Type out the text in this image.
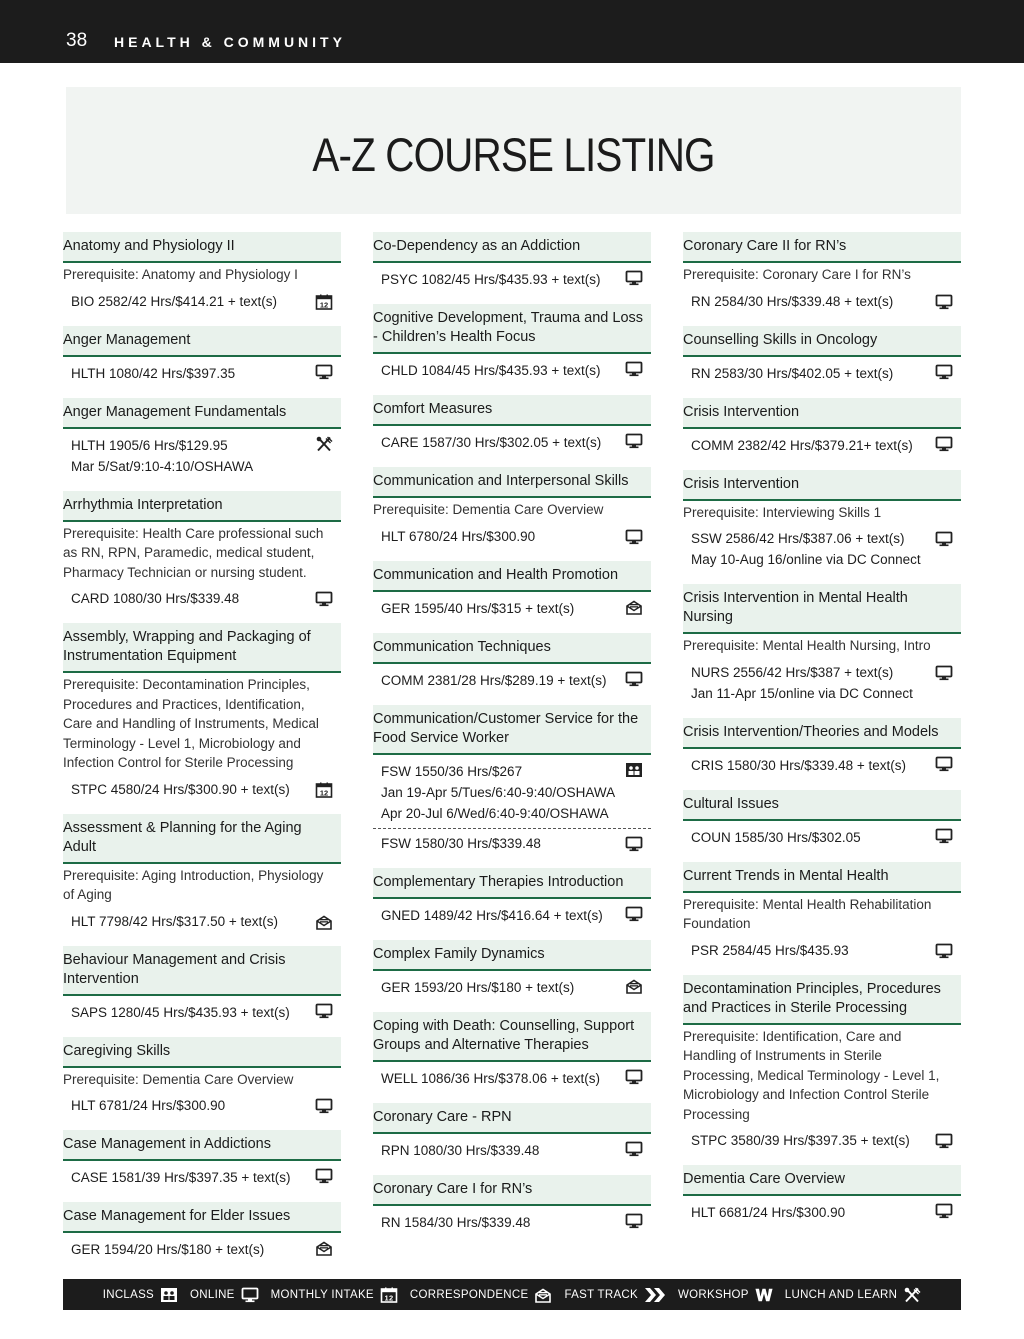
38 HEALTH & COMMUNITY
A-Z COURSE LISTING
Anatomy and Physiology II
Prerequisite: Anatomy and Physiology I
BIO 2582/42 Hrs/$414.21 + text(s)	12
Anger Management
HLTH 1080/42 Hrs/$397.35
Anger Management Fundamentals
HLTH 1905/6 Hrs/$129.95
Mar 5/Sat/9:10-4:10/OSHAWA
Arrhythmia Interpretation
Prerequisite: Health Care professional such as RN, RPN, Paramedic, medical student, Pharmacy Technician or nursing student.
CARD 1080/30 Hrs/$339.48
Assembly, Wrapping and Packaging of Instrumentation Equipment
Prerequisite: Decontamination Principles, Procedures and Practices, Identification, Care and Handling of Instruments, Medical Terminology - Level 1, Microbiology and Infection Control for Sterile Processing
STPC 4580/24 Hrs/$300.90 + text(s)	12
Assessment & Planning for the Aging Adult
Prerequisite: Aging Introduction, Physiology of Aging
HLT 7798/42 Hrs/$317.50 + text(s)
Behaviour Management and Crisis Intervention
SAPS 1280/45 Hrs/$435.93 + text(s)
Caregiving Skills
Prerequisite: Dementia Care Overview
HLT 6781/24 Hrs/$300.90
Case Management in Addictions
CASE 1581/39 Hrs/$397.35 + text(s)
Case Management for Elder Issues
GER 1594/20 Hrs/$180 + text(s)
Co-Dependency as an Addiction
PSYC 1082/45 Hrs/$435.93 + text(s)
Cognitive Development, Trauma and Loss - Children’s Health Focus
CHLD 1084/45 Hrs/$435.93 + text(s)
Comfort Measures
CARE 1587/30 Hrs/$302.05 + text(s)
Communication and Interpersonal Skills
Prerequisite: Dementia Care Overview
HLT 6780/24 Hrs/$300.90
Communication and Health Promotion
GER 1595/40 Hrs/$315 + text(s)
Communication Techniques
COMM 2381/28 Hrs/$289.19 + text(s)
Communication/Customer Service for the Food Service Worker
FSW 1550/36 Hrs/$267
Jan 19-Apr 5/Tues/6:40-9:40/OSHAWA
Apr 20-Jul 6/Wed/6:40-9:40/OSHAWA
FSW 1580/30 Hrs/$339.48
Complementary Therapies Introduction
GNED 1489/42 Hrs/$416.64 + text(s)
Complex Family Dynamics
GER 1593/20 Hrs/$180 + text(s)
Coping with Death: Counselling, Support Groups and Alternative Therapies
WELL 1086/36 Hrs/$378.06 + text(s)
Coronary Care - RPN
RPN 1080/30 Hrs/$339.48
Coronary Care I for RN’s
RN 1584/30 Hrs/$339.48
Coronary Care II for RN’s
Prerequisite: Coronary Care I for RN’s
RN 2584/30 Hrs/$339.48 + text(s)
Counselling Skills in Oncology
RN 2583/30 Hrs/$402.05 + text(s)
Crisis Intervention
COMM 2382/42 Hrs/$379.21+ text(s)
Crisis Intervention
Prerequisite: Interviewing Skills 1
SSW 2586/42 Hrs/$387.06 + text(s)
May 10-Aug 16/online via DC Connect
Crisis Intervention in Mental Health Nursing
Prerequisite: Mental Health Nursing, Intro
NURS 2556/42 Hrs/$387 + text(s)
Jan 11-Apr 15/online via DC Connect
Crisis Intervention/Theories and Models
CRIS 1580/30 Hrs/$339.48 + text(s)
Cultural Issues
COUN 1585/30 Hrs/$302.05
Current Trends in Mental Health
Prerequisite: Mental Health Rehabilitation Foundation
PSR 2584/45 Hrs/$435.93
Decontamination Principles, Procedures and Practices in Sterile Processing
Prerequisite: Identification, Care and Handling of Instruments in Sterile Processing, Medical Terminology - Level 1, Microbiology and Infection Control Sterile Processing
STPC 3580/39 Hrs/$397.35 + text(s)
Dementia Care Overview
HLT 6681/24 Hrs/$300.90
INCLASS	ONLINE	MONTHLY INTAKE 12 CORRESPONDENCE	FAST TRACK	WORKSHOP	LUNCH AND LEARN
